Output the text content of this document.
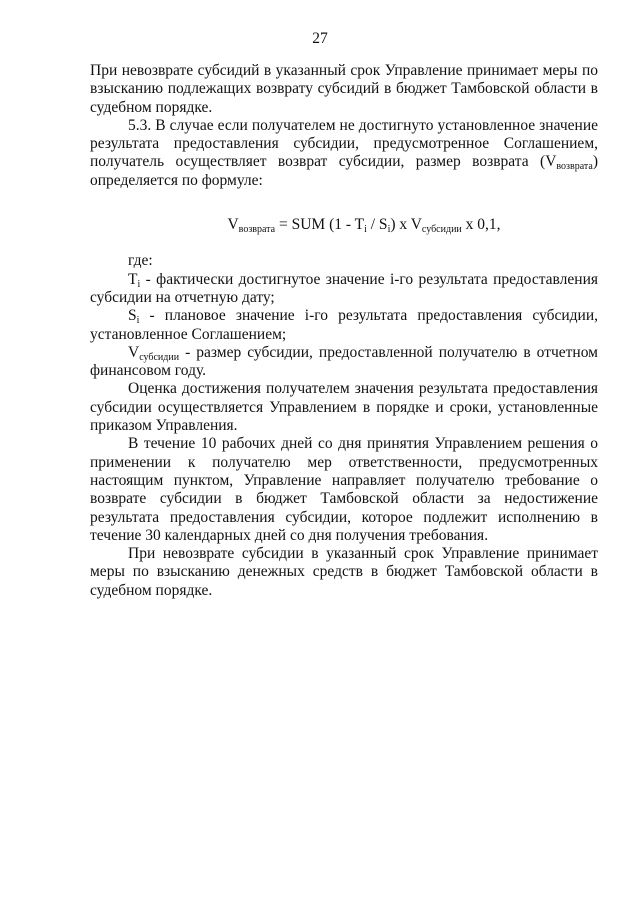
27

При невозврате субсидий в указанный срок Управление принимает меры по взысканию подлежащих возврату субсидий в бюджет Тамбовской области в судебном порядке.

5.3. В случае если получателем не достигнуто установленное значение результата предоставления субсидии, предусмотренное Соглашением, получатель осуществляет возврат субсидии, размер возврата $(V_{возврата})$ определяется по формуле:

$V_{возврата}$ = SUM $(1 - T_i / S_i)$ x $V_{субсидии}$ x 0,1,

где:

$T_i$ - фактически достигнутое значение i-го результата предоставления субсидии на отчетную дату;

$S_i$ - плановое значение i-го результата предоставления субсидии, установленное Соглашением;

$V_{субсидии}$ - размер субсидии, предоставленной получателю в отчетном финансовом году.

Оценка достижения получателем значения результата предоставления субсидии осуществляется Управлением в порядке и сроки, установленные приказом Управления.

В течение 10 рабочих дней со дня принятия Управлением решения о применении к получателю мер ответственности, предусмотренных настоящим пунктом, Управление направляет получателю требование о возврате субсидии в бюджет Тамбовской области за недостижение результата предоставления субсидии, которое подлежит исполнению в течение 30 календарных дней со дня получения требования.

При невозврате субсидии в указанный срок Управление принимает меры по взысканию денежных средств в бюджет Тамбовской области в судебном порядке.
